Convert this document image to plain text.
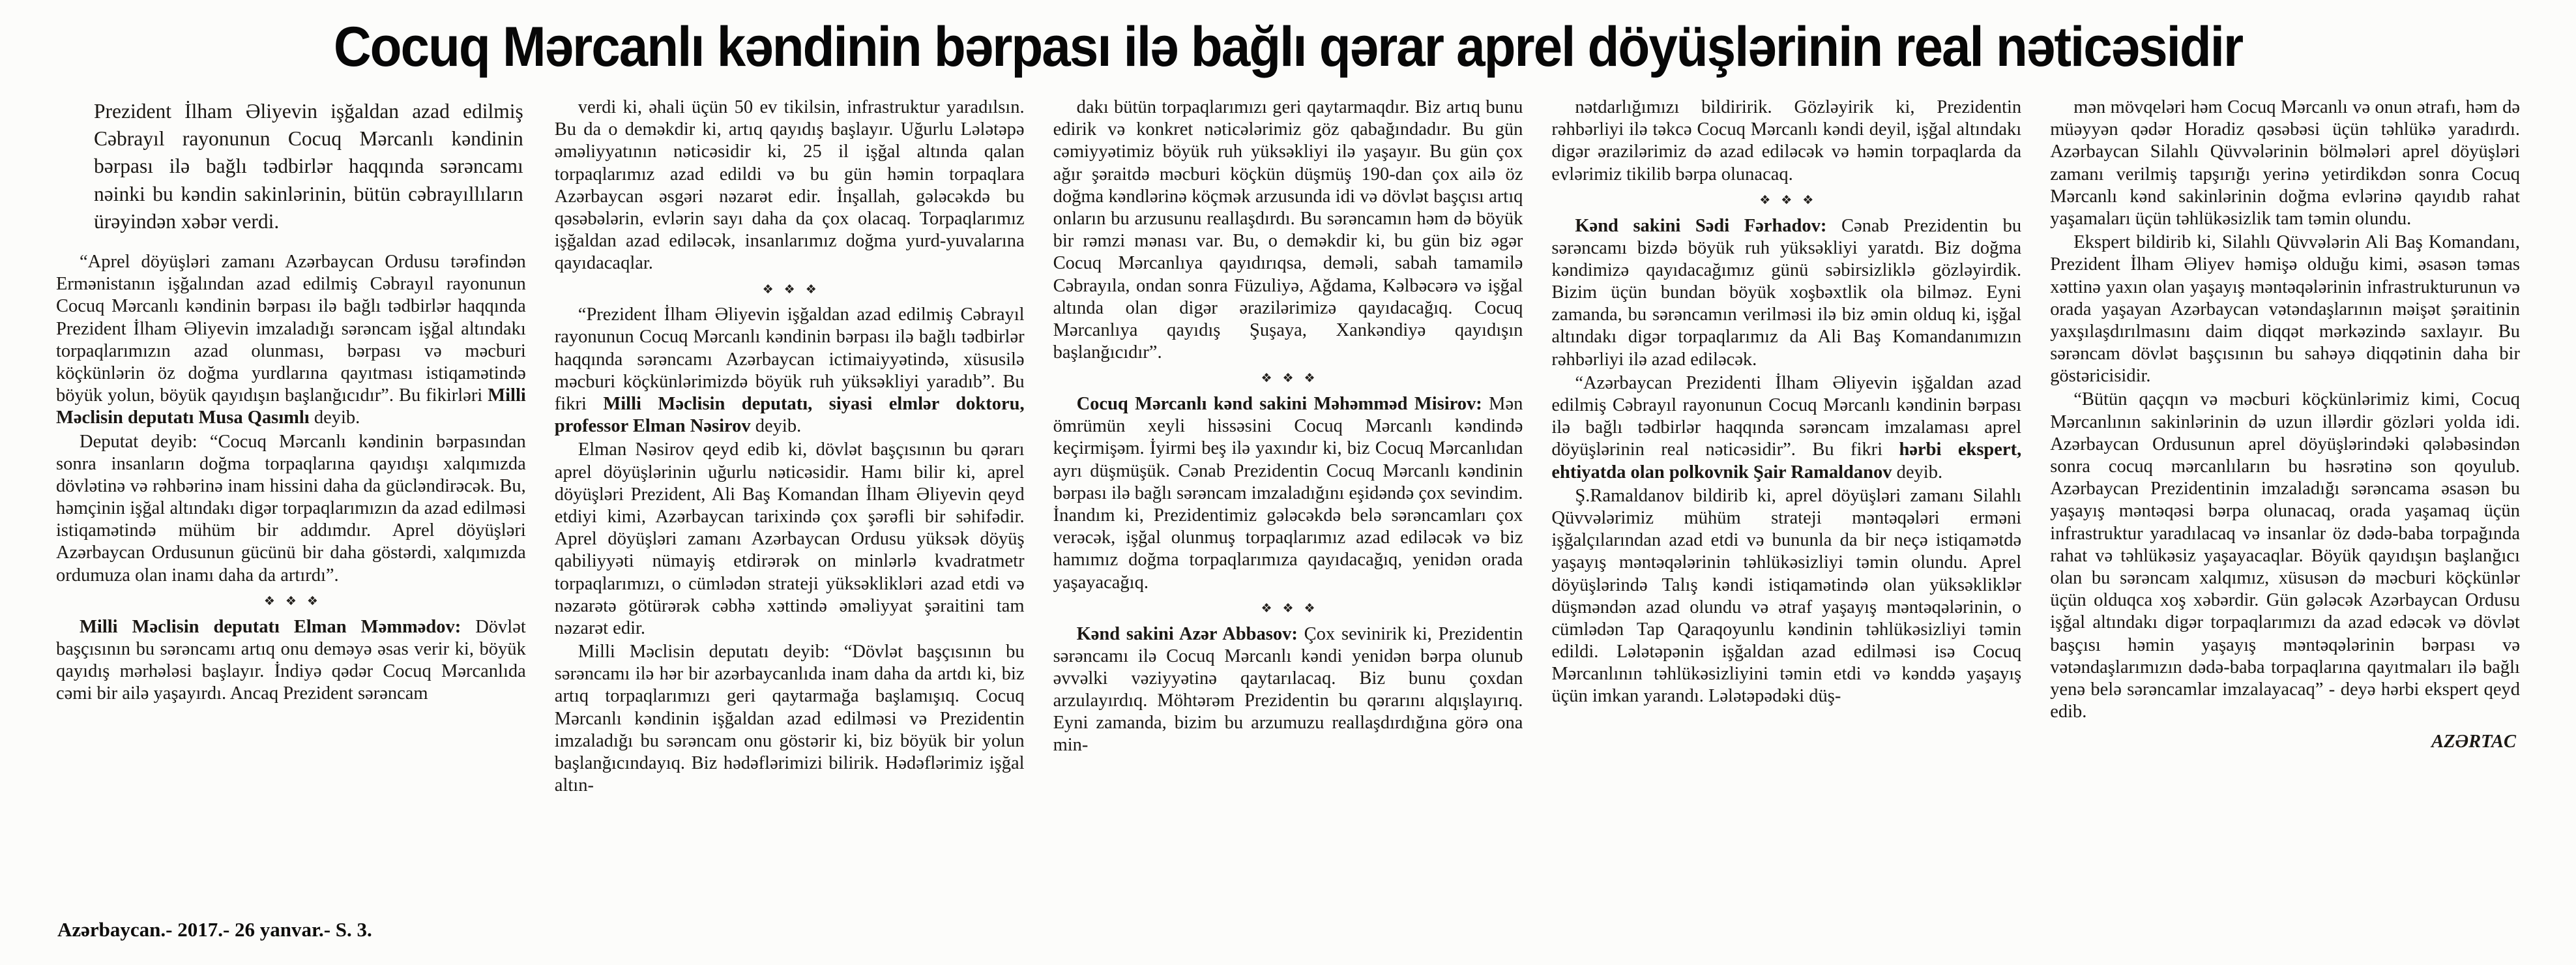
Cocuq Mərcanlı kəndinin bərpası ilə bağlı qərar aprel döyüşlərinin real nəticəsidir

Prezident İlham Əliyevin işğaldan azad edilmiş Cəbrayıl rayonunun Cocuq Mərcanlı kəndinin bərpası ilə bağlı tədbirlər haqqında sərəncamı nəinki bu kəndin sakinlərinin, bütün cəbrayıllıların ürəyindən xəbər verdi.

“Aprel döyüşləri zamanı Azərbaycan Ordusu tərəfindən Ermənistanın işğalından azad edilmiş Cəbrayıl rayonunun Cocuq Mərcanlı kəndinin bərpası ilə bağlı tədbirlər haqqında Prezident İlham Əliyevin imzaladığı sərəncam işğal altındakı torpaqlarımızın azad olunması, bərpası və məcburi köçkünlərin öz doğma yurdlarına qayıtması istiqamətində böyük yolun, böyük qayıdışın başlanğıcıdır”. Bu fikirləri Milli Məclisin deputatı Musa Qasımlı deyib.

Deputat deyib: “Cocuq Mərcanlı kəndinin bərpasından sonra insanların doğma torpaqlarına qayıdışı xalqımızda dövlətinə və rəhbərinə inam hissini daha da gücləndirəcək. Bu, həmçinin işğal altındakı digər torpaqlarımızın da azad edilməsi istiqamətində mühüm bir addımdır. Aprel döyüşləri Azərbaycan Ordusunun gücünü bir daha göstərdi, xalqımızda ordumuza olan inamı daha da artırdı”.

❖❖❖

Milli Məclisin deputatı Elman Məmmədov: Dövlət başçısının bu sərəncamı artıq onu deməyə əsas verir ki, böyük qayıdış mərhələsi başlayır. İndiyə qədər Cocuq Mərcanlıda cəmi bir ailə yaşayırdı. Ancaq Prezident sərəncam

verdi ki, əhali üçün 50 ev tikilsin, infrastruktur yaradılsın. Bu da o deməkdir ki, artıq qayıdış başlayır. Uğurlu Lələtəpə əməliyyatının nəticəsidir ki, 25 il işğal altında qalan torpaqlarımız azad edildi və bu gün həmin torpaqlara Azərbaycan əsgəri nəzarət edir. İnşallah, gələcəkdə bu qəsəbələrin, evlərin sayı daha da çox olacaq. Torpaqlarımız işğaldan azad ediləcək, insanlarımız doğma yurd-yuvalarına qayıdacaqlar.

❖❖❖

“Prezident İlham Əliyevin işğaldan azad edilmiş Cəbrayıl rayonunun Cocuq Mərcanlı kəndinin bərpası ilə bağlı tədbirlər haqqında sərəncamı Azərbaycan ictimaiyyətində, xüsusilə məcburi köçkünlərimizdə böyük ruh yüksəkliyi yaradıb”. Bu fikri Milli Məclisin deputatı, siyasi elmlər doktoru, professor Elman Nəsirov deyib.

Elman Nəsirov qeyd edib ki, dövlət başçısının bu qərarı aprel döyüşlərinin uğurlu nəticəsidir. Hamı bilir ki, aprel döyüşləri Prezident, Ali Baş Komandan İlham Əliyevin qeyd etdiyi kimi, Azərbaycan tarixində çox şərəfli bir səhifədir. Aprel döyüşləri zamanı Azərbaycan Ordusu yüksək döyüş qabiliyyəti nümayiş etdirərək on minlərlə kvadratmetr torpaqlarımızı, o cümlədən strateji yüksəklikləri azad etdi və nəzarətə götürərək cəbhə xəttində əməliyyat şəraitini tam nəzarət edir.

Milli Məclisin deputatı deyib: “Dövlət başçısının bu sərəncamı ilə hər bir azərbaycanlıda inam daha da artdı ki, biz artıq torpaqlarımızı geri qaytarmağa başlamışıq. Cocuq Mərcanlı kəndinin işğaldan azad edilməsi və Prezidentin imzaladığı bu sərəncam onu göstərir ki, biz böyük bir yolun başlanğıcındayıq. Biz hədəflərimizi bilirik. Hədəflərimiz işğal altın-

dakı bütün torpaqlarımızı geri qaytarmaqdır. Biz artıq bunu edirik və konkret nəticələrimiz göz qabağındadır. Bu gün cəmiyyətimiz böyük ruh yüksəkliyi ilə yaşayır. Bu gün çox ağır şəraitdə məcburi köçkün düşmüş 190-dan çox ailə öz doğma kəndlərinə köçmək arzusunda idi və dövlət başçısı artıq onların bu arzusunu reallaşdırdı. Bu sərəncamın həm də böyük bir rəmzi mənası var. Bu, o deməkdir ki, bu gün biz əgər Cocuq Mərcanlıya qayıdırıqsa, deməli, sabah tamamilə Cəbrayıla, ondan sonra Füzuliyə, Ağdama, Kəlbəcərə və işğal altında olan digər ərazilərimizə qayıdacağıq. Cocuq Mərcanlıya qayıdış Şuşaya, Xankəndiyə qayıdışın başlanğıcıdır”.

❖❖❖

Cocuq Mərcanlı kənd sakini Məhəmməd Misirov: Mən ömrümün xeyli hissəsini Cocuq Mərcanlı kəndində keçirmişəm. İyirmi beş ilə yaxındır ki, biz Cocuq Mərcanlıdan ayrı düşmüşük. Cənab Prezidentin Cocuq Mərcanlı kəndinin bərpası ilə bağlı sərəncam imzaladığını eşidəndə çox sevindim. İnandım ki, Prezidentimiz gələcəkdə belə sərəncamları çox verəcək, işğal olunmuş torpaqlarımız azad ediləcək və biz hamımız doğma torpaqlarımıza qayıdacağıq, yenidən orada yaşayacağıq.

❖❖❖

Kənd sakini Azər Abbasov: Çox sevinirik ki, Prezidentin sərəncamı ilə Cocuq Mərcanlı kəndi yenidən bərpa olunub əvvəlki vəziyyətinə qaytarılacaq. Biz bunu çoxdan arzulayırdıq. Möhtərəm Prezidentin bu qərarını alqışlayırıq. Eyni zamanda, bizim bu arzumuzu reallaşdırdığına görə ona min-

nətdarlığımızı bildiririk. Gözləyirik ki, Prezidentin rəhbərliyi ilə təkcə Cocuq Mərcanlı kəndi deyil, işğal altındakı digər ərazilərimiz də azad ediləcək və həmin torpaqlarda da evlərimiz tikilib bərpa olunacaq.

❖❖❖

Kənd sakini Sədi Fərhadov: Cənab Prezidentin bu sərəncamı bizdə böyük ruh yüksəkliyi yaratdı. Biz doğma kəndimizə qayıdacağımız günü səbirsizliklə gözləyirdik. Bizim üçün bundan böyük xoşbəxtlik ola bilməz. Eyni zamanda, bu sərəncamın verilməsi ilə biz əmin olduq ki, işğal altındakı digər torpaqlarımız da Ali Baş Komandanımızın rəhbərliyi ilə azad ediləcək.

“Azərbaycan Prezidenti İlham Əliyevin işğaldan azad edilmiş Cəbrayıl rayonunun Cocuq Mərcanlı kəndinin bərpası ilə bağlı tədbirlər haqqında sərəncam imzalaması aprel döyüşlərinin real nəticəsidir”. Bu fikri hərbi ekspert, ehtiyatda olan polkovnik Şair Ramaldanov deyib.

Ş.Ramaldanov bildirib ki, aprel döyüşləri zamanı Silahlı Qüvvələrimiz mühüm strateji məntəqələri erməni işğalçılarından azad etdi və bununla da bir neçə istiqamətdə yaşayış məntəqələrinin təhlükəsizliyi təmin olundu. Aprel döyüşlərində Talış kəndi istiqamətində olan yüksəkliklər düşməndən azad olundu və ətraf yaşayış məntəqələrinin, o cümlədən Tap Qaraqoyunlu kəndinin təhlükəsizliyi təmin edildi. Lələtəpənin işğaldan azad edilməsi isə Cocuq Mərcanlının təhlükəsizliyini təmin etdi və kənddə yaşayış üçün imkan yarandı. Lələtəpədəki düş-

mən mövqeləri həm Cocuq Mərcanlı və onun ətrafı, həm də müəyyən qədər Horadiz qəsəbəsi üçün təhlükə yaradırdı. Azərbaycan Silahlı Qüvvələrinin bölmələri aprel döyüşləri zamanı verilmiş tapşırığı yerinə yetirdikdən sonra Cocuq Mərcanlı kənd sakinlərinin doğma evlərinə qayıdıb rahat yaşamaları üçün təhlükəsizlik tam təmin olundu.

Ekspert bildirib ki, Silahlı Qüvvələrin Ali Baş Komandanı, Prezident İlham Əliyev həmişə olduğu kimi, əsasən təmas xəttinə yaxın olan yaşayış məntəqələrinin infrastrukturunun və orada yaşayan Azərbaycan vətəndaşlarının məişət şəraitinin yaxşılaşdırılmasını daim diqqət mərkəzində saxlayır. Bu sərəncam dövlət başçısının bu sahəyə diqqətinin daha bir göstəricisidir.

“Bütün qaçqın və məcburi köçkünlərimiz kimi, Cocuq Mərcanlının sakinlərinin də uzun illərdir gözləri yolda idi. Azərbaycan Ordusunun aprel döyüşlərindəki qələbəsindən sonra cocuq mərcanlıların bu həsrətinə son qoyulub. Azərbaycan Prezidentinin imzaladığı sərəncama əsasən bu yaşayış məntəqəsi bərpa olunacaq, orada yaşamaq üçün infrastruktur yaradılacaq və insanlar öz dədə-baba torpağında rahat və təhlükəsiz yaşayacaqlar. Böyük qayıdışın başlanğıcı olan bu sərəncam xalqımız, xüsusən də məcburi köçkünlər üçün olduqca xoş xəbərdir. Gün gələcək Azərbaycan Ordusu işğal altındakı digər torpaqlarımızı da azad edəcək və dövlət başçısı həmin yaşayış məntəqələrinin bərpası və vətəndaşlarımızın dədə-baba torpaqlarına qayıtmaları ilə bağlı yenə belə sərəncamlar imzalayacaq” - deyə hərbi ekspert qeyd edib.

AZƏRTAC

Azərbaycan.- 2017.- 26 yanvar.- S. 3.
